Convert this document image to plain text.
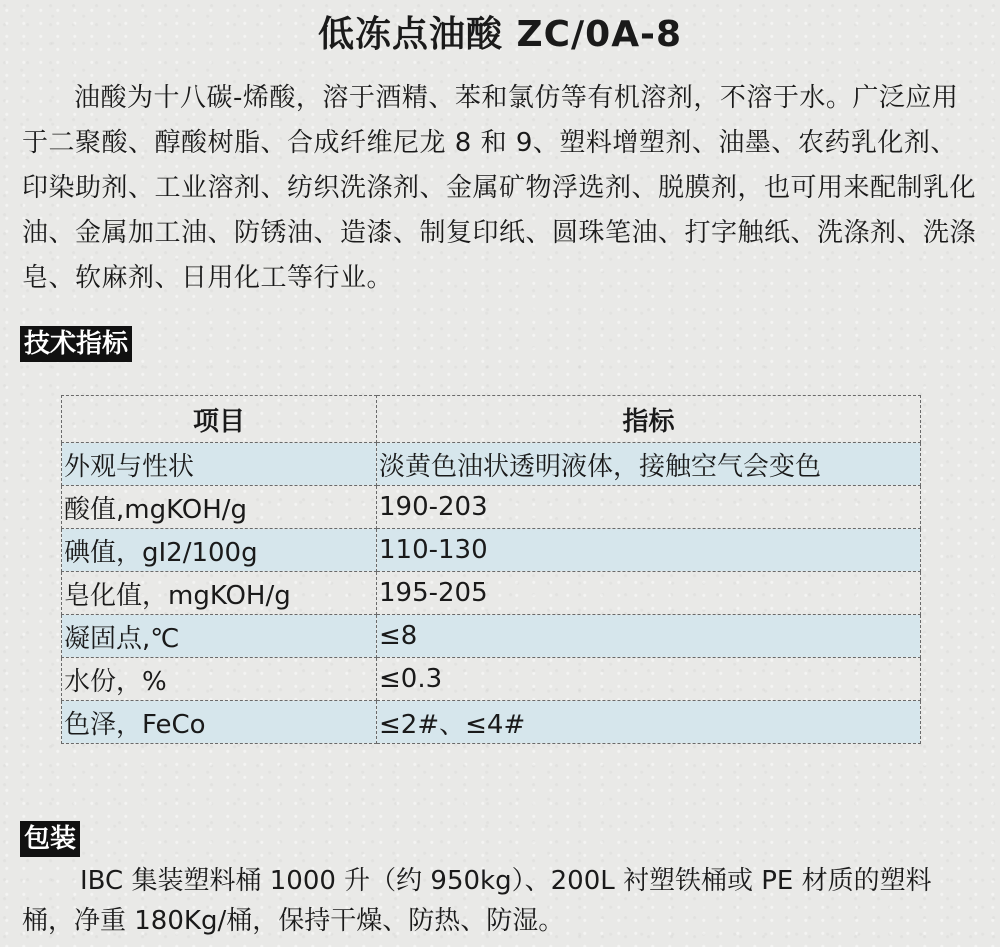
低冻点油酸 ZC/0A-8

油酸为十八碳-烯酸，溶于酒精、苯和氯仿等有机溶剂，不溶于水。广泛应用于二聚酸、醇酸树脂、合成纤维尼龙 8 和 9、塑料增塑剂、油墨、农药乳化剂、印染助剂、工业溶剂、纺织洗涤剂、金属矿物浮选剂、脱膜剂，也可用来配制乳化油、金属加工油、防锈油、造漆、制复印纸、圆珠笔油、打字触纸、洗涤剂、洗涤皂、软麻剂、日用化工等行业。

技术指标
项目	指标
外观与性状	淡黄色油状透明液体，接触空气会变色
酸值,mgKOH/g	190-203
碘值，gI2/100g	110-130
皂化值，mgKOH/g	195-205
凝固点,℃	≤8
水份，%	≤0.3
色泽，FeCo	≤2#、≤4#
包装

IBC 集装塑料桶 1000 升（约 950kg）、200L 衬塑铁桶或 PE 材质的塑料桶，净重 180Kg/桶，保持干燥、防热、防湿。
